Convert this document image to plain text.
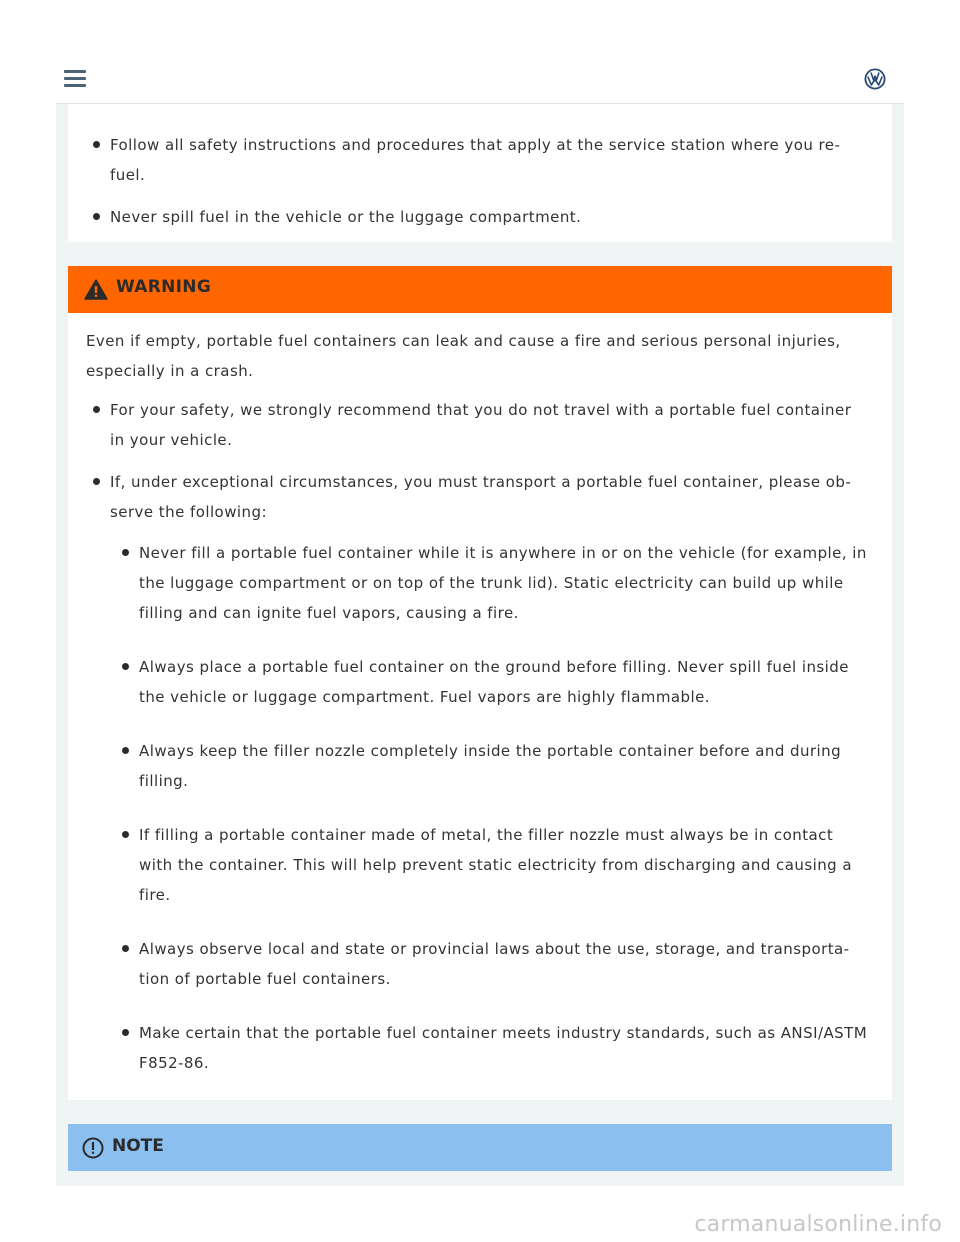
Follow all safety instructions and procedures that apply at the service station where you re-fuel.
Never spill fuel in the vehicle or the luggage compartment.
WARNING
Even if empty, portable fuel containers can leak and cause a fire and serious personal injuries, especially in a crash.
For your safety, we strongly recommend that you do not travel with a portable fuel container in your vehicle.
If, under exceptional circumstances, you must transport a portable fuel container, please ob-serve the following:
Never fill a portable fuel container while it is anywhere in or on the vehicle (for example, in the luggage compartment or on top of the trunk lid). Static electricity can build up while filling and can ignite fuel vapors, causing a fire.
Always place a portable fuel container on the ground before filling. Never spill fuel inside the vehicle or luggage compartment. Fuel vapors are highly flammable.
Always keep the filler nozzle completely inside the portable container before and during filling.
If filling a portable container made of metal, the filler nozzle must always be in contact with the container. This will help prevent static electricity from discharging and causing a fire.
Always observe local and state or provincial laws about the use, storage, and transporta-tion of portable fuel containers.
Make certain that the portable fuel container meets industry standards, such as ANSI/ASTM F852-86.
NOTE
carmanualsonline.info
